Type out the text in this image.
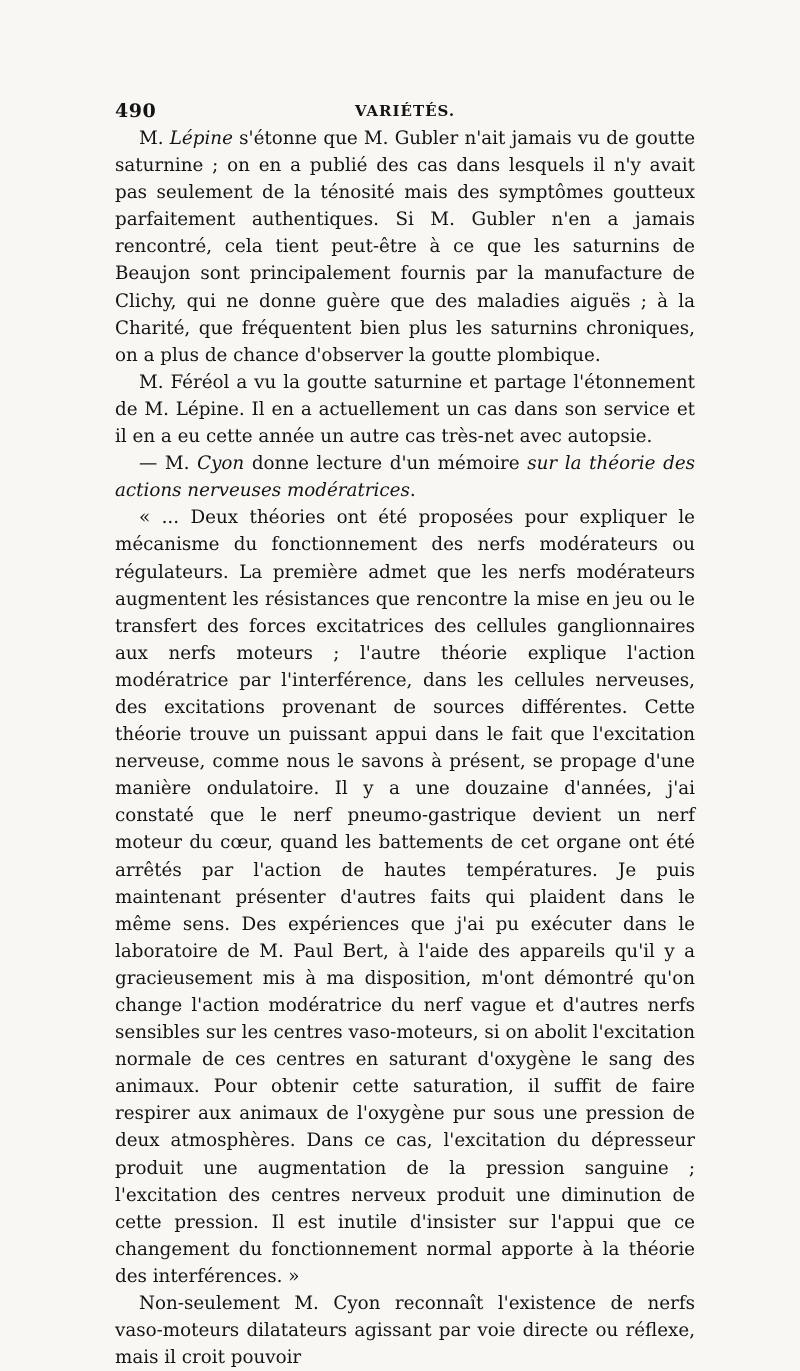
490	VARIÉTÉS.

M. Lépine s'étonne que M. Gubler n'ait jamais vu de goutte saturnine ; on en a publié des cas dans lesquels il n'y avait pas seulement de la ténosité mais des symptômes goutteux parfaitement authentiques. Si M. Gubler n'en a jamais rencontré, cela tient peut-être à ce que les saturnins de Beaujon sont principalement fournis par la manufacture de Clichy, qui ne donne guère que des maladies aiguës ; à la Charité, que fréquentent bien plus les saturnins chroniques, on a plus de chance d'observer la goutte plombique.

M. Féréol a vu la goutte saturnine et partage l'étonnement de M. Lépine. Il en a actuellement un cas dans son service et il en a eu cette année un autre cas très-net avec autopsie.

— M. Cyon donne lecture d'un mémoire sur la théorie des actions nerveuses modératrices.

« ... Deux théories ont été proposées pour expliquer le mécanisme du fonctionnement des nerfs modérateurs ou régulateurs. La première admet que les nerfs modérateurs augmentent les résistances que rencontre la mise en jeu ou le transfert des forces excitatrices des cellules ganglionnaires aux nerfs moteurs ; l'autre théorie explique l'action modératrice par l'interférence, dans les cellules nerveuses, des excitations provenant de sources différentes. Cette théorie trouve un puissant appui dans le fait que l'excitation nerveuse, comme nous le savons à présent, se propage d'une manière ondulatoire. Il y a une douzaine d'années, j'ai constaté que le nerf pneumo-gastrique devient un nerf moteur du cœur, quand les battements de cet organe ont été arrêtés par l'action de hautes températures. Je puis maintenant présenter d'autres faits qui plaident dans le même sens. Des expériences que j'ai pu exécuter dans le laboratoire de M. Paul Bert, à l'aide des appareils qu'il y a gracieusement mis à ma disposition, m'ont démontré qu'on change l'action modératrice du nerf vague et d'autres nerfs sensibles sur les centres vaso-moteurs, si on abolit l'excitation normale de ces centres en saturant d'oxygène le sang des animaux. Pour obtenir cette saturation, il suffit de faire respirer aux animaux de l'oxygène pur sous une pression de deux atmosphères. Dans ce cas, l'excitation du dépresseur produit une augmentation de la pression sanguine ; l'excitation des centres nerveux produit une diminution de cette pression. Il est inutile d'insister sur l'appui que ce changement du fonctionnement normal apporte à la théorie des interférences. »

Non-seulement M. Cyon reconnaît l'existence de nerfs vaso-moteurs dilatateurs agissant par voie directe ou réflexe, mais il croit pouvoir
